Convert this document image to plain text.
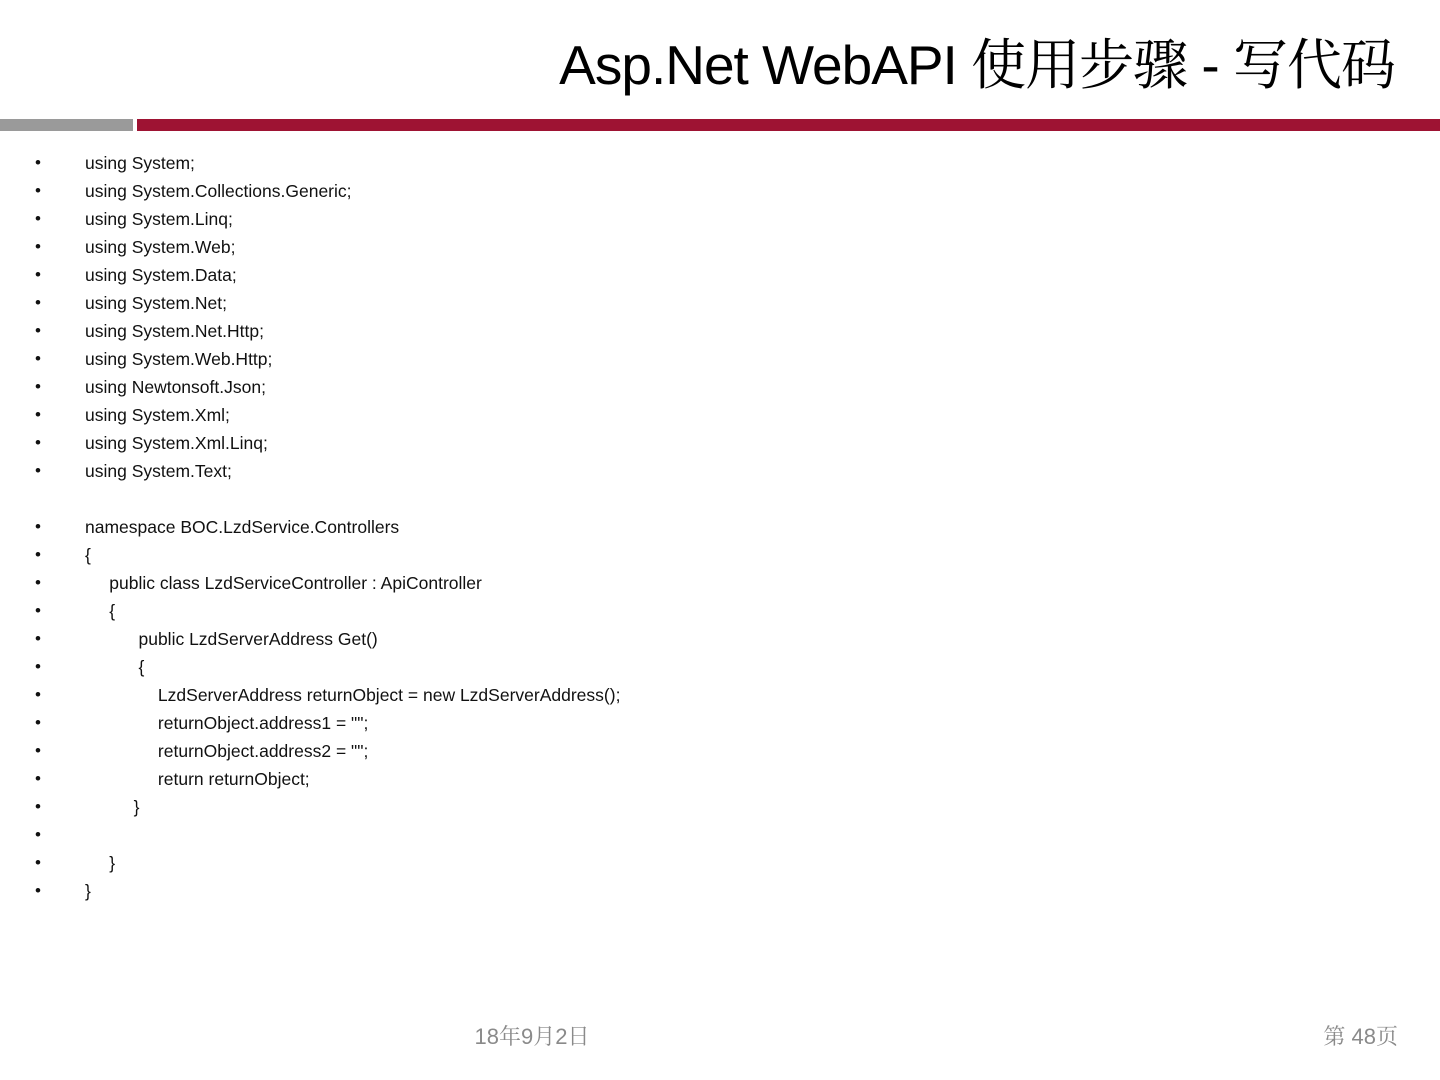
Asp.Net WebAPI 使用步骤 - 写代码
•	using System;
•	using System.Collections.Generic;
•	using System.Linq;
•	using System.Web;
•	using System.Data;
•	using System.Net;
•	using System.Net.Http;
•	using System.Web.Http;
•	using Newtonsoft.Json;
•	using System.Xml;
•	using System.Xml.Linq;
•	using System.Text;
•	namespace BOC.LzdService.Controllers
•	{
•	public class LzdServiceController : ApiController
•	{
•	public LzdServerAddress Get()
•	{
•	LzdServerAddress returnObject = new LzdServerAddress();
•	returnObject.address1 = "";
•	returnObject.address2 = "";
•	return returnObject;
•	}
•
•	}
•	}
18年9月2日	第 48页
